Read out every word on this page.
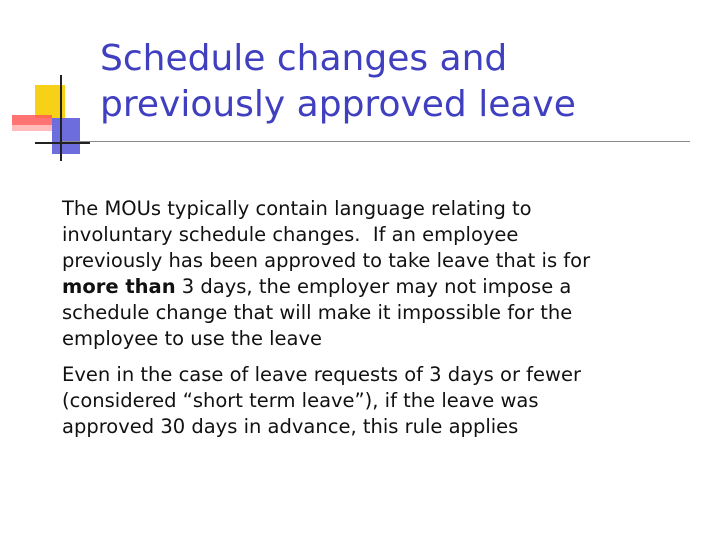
Schedule changes and
previously approved leave

The MOUs typically contain language relating to
involuntary schedule changes.  If an employee
previously has been approved to take leave that is for
more than 3 days, the employer may not impose a
schedule change that will make it impossible for the
employee to use the leave

Even in the case of leave requests of 3 days or fewer
(considered “short term leave”), if the leave was
approved 30 days in advance, this rule applies
